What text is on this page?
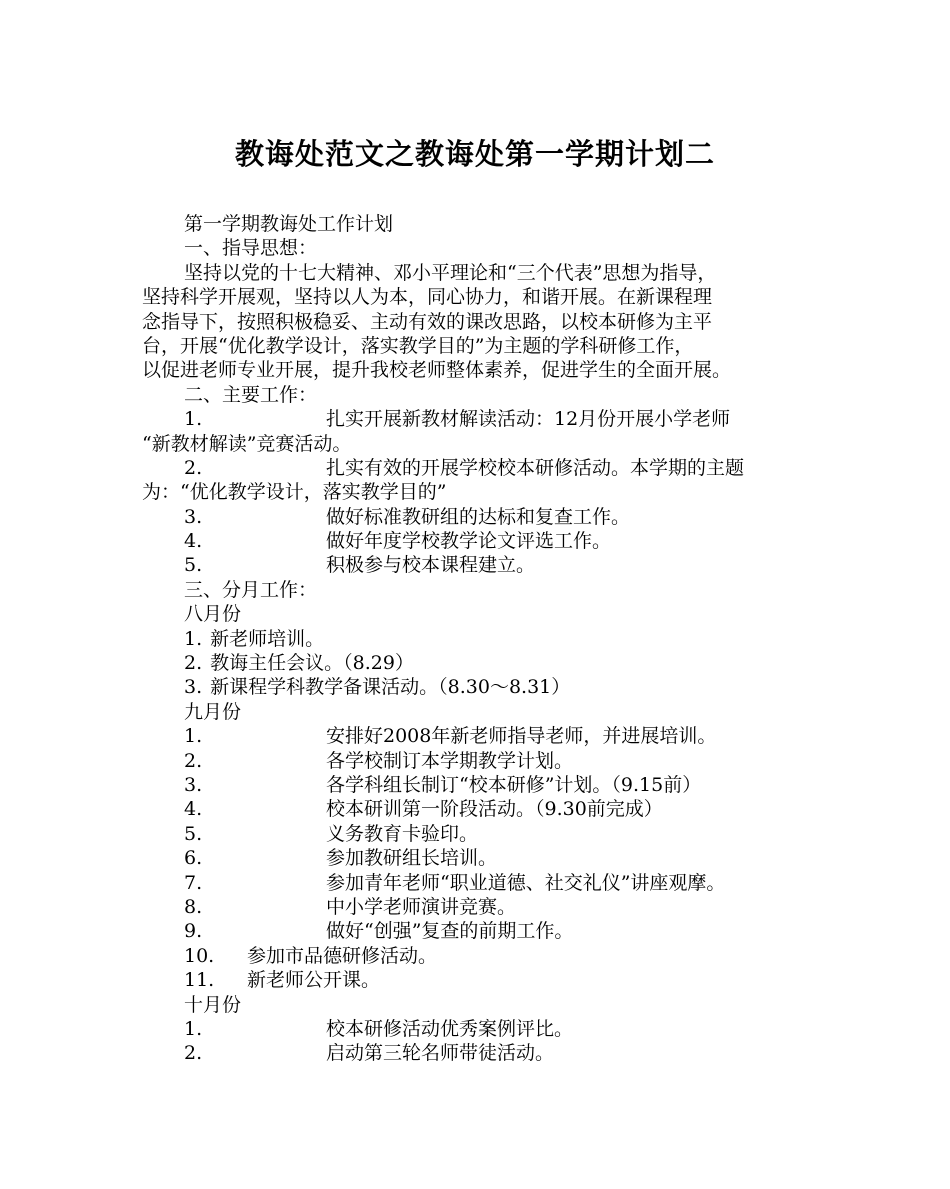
教诲处范文之教诲处第一学期计划二
第一学期教诲处工作计划
一、指导思想：
坚持以党的十七大精神、邓小平理论和“三个代表”思想为指导，
坚持科学开展观，坚持以人为本，同心协力，和谐开展。在新课程理
念指导下，按照积极稳妥、主动有效的课改思路，以校本研修为主平
台，开展“优化教学设计，落实教学目的”为主题的学科研修工作，
以促进老师专业开展，提升我校老师整体素养，促进学生的全面开展。
二、主要工作：
1.	扎实开展新教材解读活动：12月份开展小学老师
“新教材解读”竞赛活动。
2.	扎实有效的开展学校校本研修活动。本学期的主题
为：“优化教学设计，落实教学目的”
3.	做好标准教研组的达标和复查工作。
4.	做好年度学校教学论文评选工作。
5.	积极参与校本课程建立。
三、分月工作：
八月份
1. 新老师培训。
2. 教诲主任会议。（8.29）
3. 新课程学科教学备课活动。（8.30～8.31）
九月份
1.	安排好2008年新老师指导老师，并进展培训。
2.	各学校制订本学期教学计划。
3.	各学科组长制订“校本研修”计划。（9.15前）
4.	校本研训第一阶段活动。（9.30前完成）
5.	义务教育卡验印。
6.	参加教研组长培训。
7.	参加青年老师“职业道德、社交礼仪”讲座观摩。
8.	中小学老师演讲竞赛。
9.	做好“创强”复查的前期工作。
10. 参加市品德研修活动。
11. 新老师公开课。
十月份
1.	校本研修活动优秀案例评比。
2.	启动第三轮名师带徒活动。
